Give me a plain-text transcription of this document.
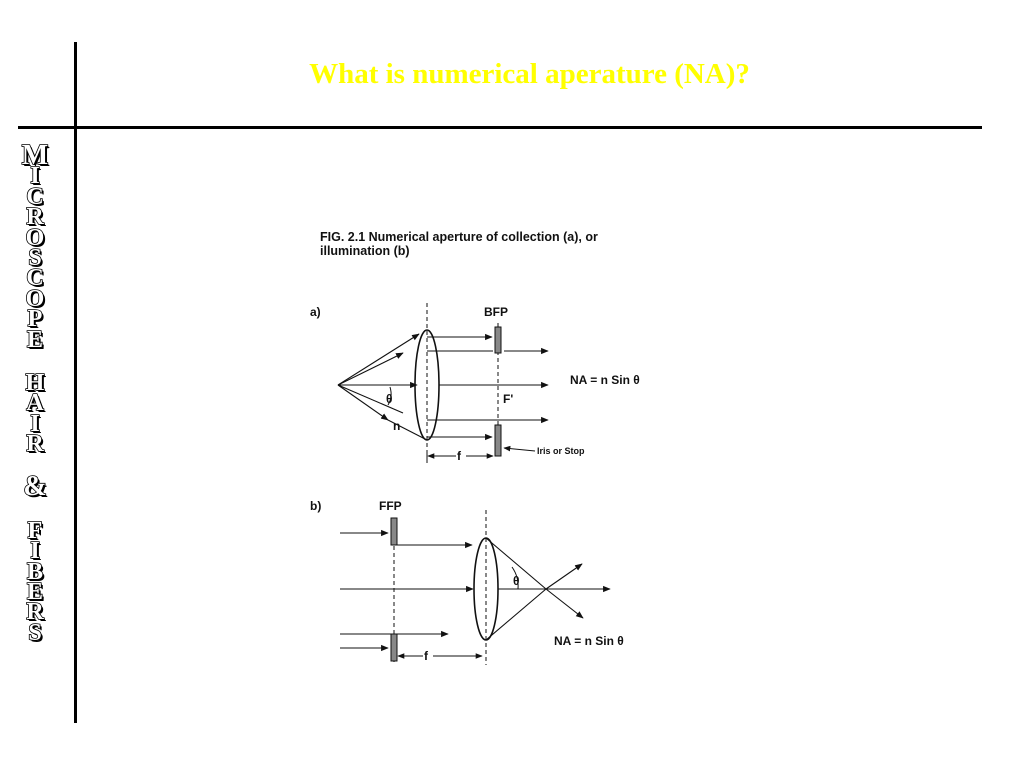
What is numerical aperature (NA)?
M
I
C
R
O
S
C
O
P
E
H
A
I
R
&
F
I
B
E
R
S
FIG. 2.1 Numerical aperture of collection (a), or
illumination (b)
a)	BFP
θ
n
F'
NA = n Sin θ
f	Iris or Stop
b)	FFP
θ
f
NA = n Sin θ
